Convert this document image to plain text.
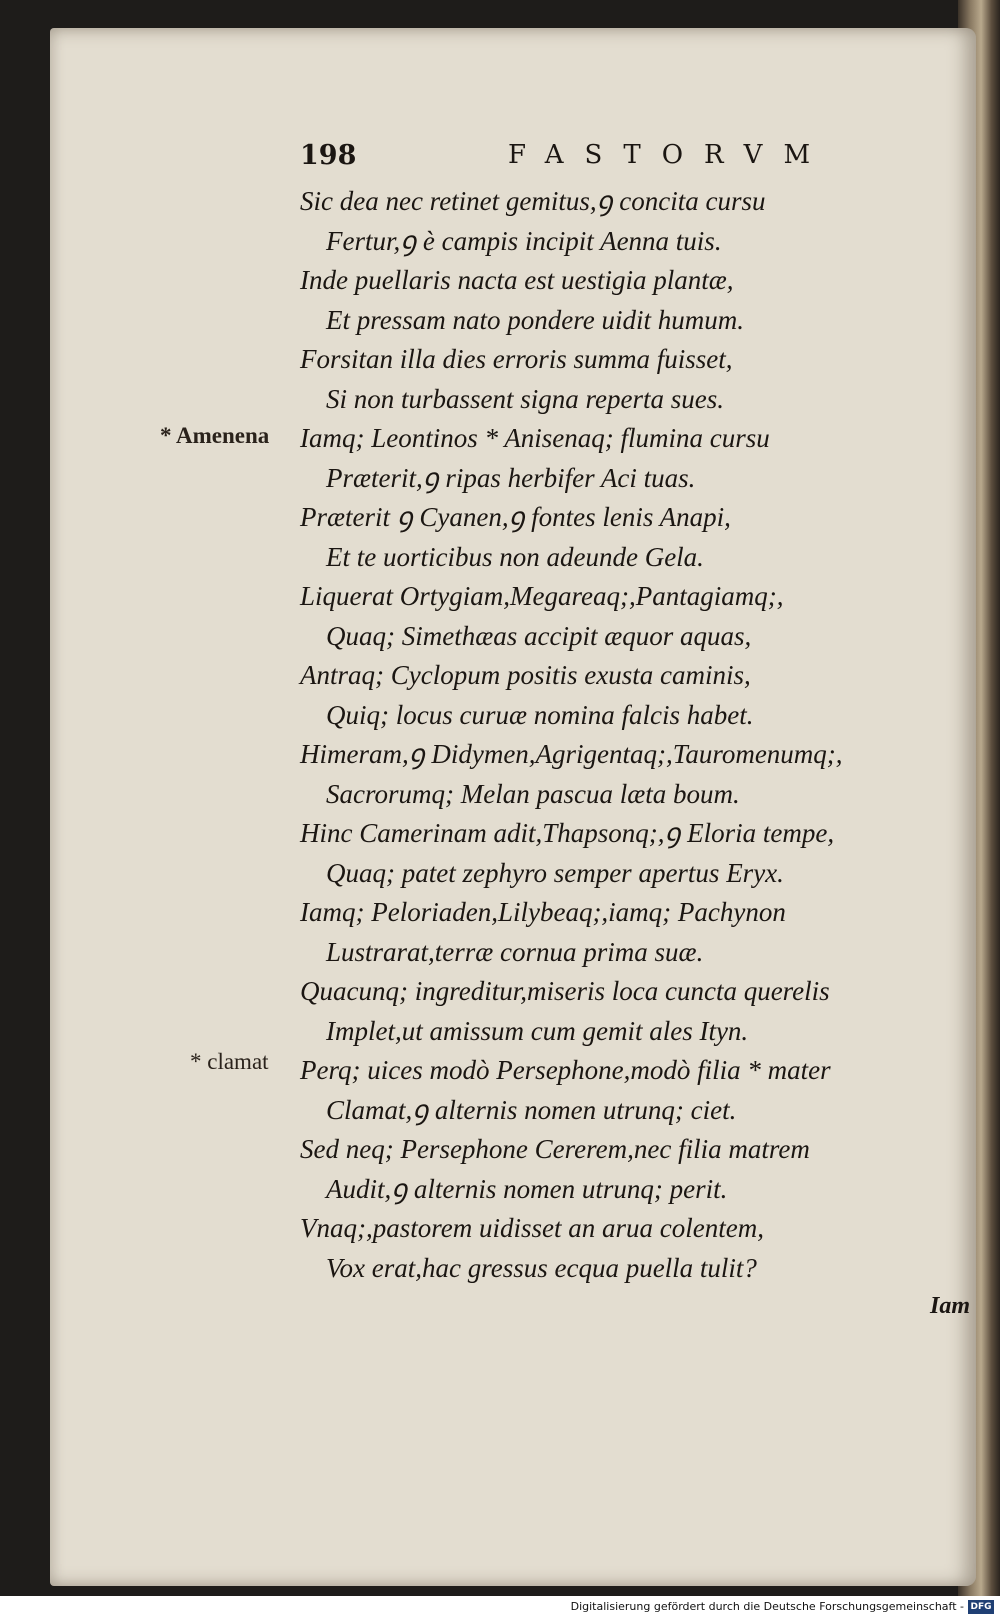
198	FASTORVM
* Amenena
* clamat
Sic dea nec retinet gemitus,ꝯ concita cursu
Fertur,ꝯ è campis incipit Aenna tuis.
Inde puellaris nacta est uestigia plantæ,
Et pressam nato pondere uidit humum.
Forsitan illa dies erroris summa fuisset,
Si non turbassent signa reperta sues.
Iamq; Leontinos * Anisenaq; flumina cursu
Præterit,ꝯ ripas herbifer Aci tuas.
Præterit ꝯ Cyanen,ꝯ fontes lenis Anapi,
Et te uorticibus non adeunde Gela.
Liquerat Ortygiam,Megareaq;,Pantagiamq;,
Quaq; Simethæas accipit æquor aquas,
Antraq; Cyclopum positis exusta caminis,
Quiq; locus curuæ nomina falcis habet.
Himeram,ꝯ Didymen,Agrigentaq;,Tauromenumq;,
Sacrorumq; Melan pascua læta boum.
Hinc Camerinam adit,Thapsonq;,ꝯ Eloria tempe,
Quaq; patet zephyro semper apertus Eryx.
Iamq; Peloriaden,Lilybeaq;,iamq; Pachynon
Lustrarat,terræ cornua prima suæ.
Quacunq; ingreditur,miseris loca cuncta querelis
Implet,ut amissum cum gemit ales Ityn.
Perq; uices modò Persephone,modò filia * mater
Clamat,ꝯ alternis nomen utrunq; ciet.
Sed neq; Persephone Cererem,nec filia matrem
Audit,ꝯ alternis nomen utrunq; perit.
Vnaq;,pastorem uidisset an arua colentem,
Vox erat,hac gressus ecqua puella tulit?
Iam
Digitalisierung gefördert durch die Deutsche Forschungsgemeinschaft - DFG
